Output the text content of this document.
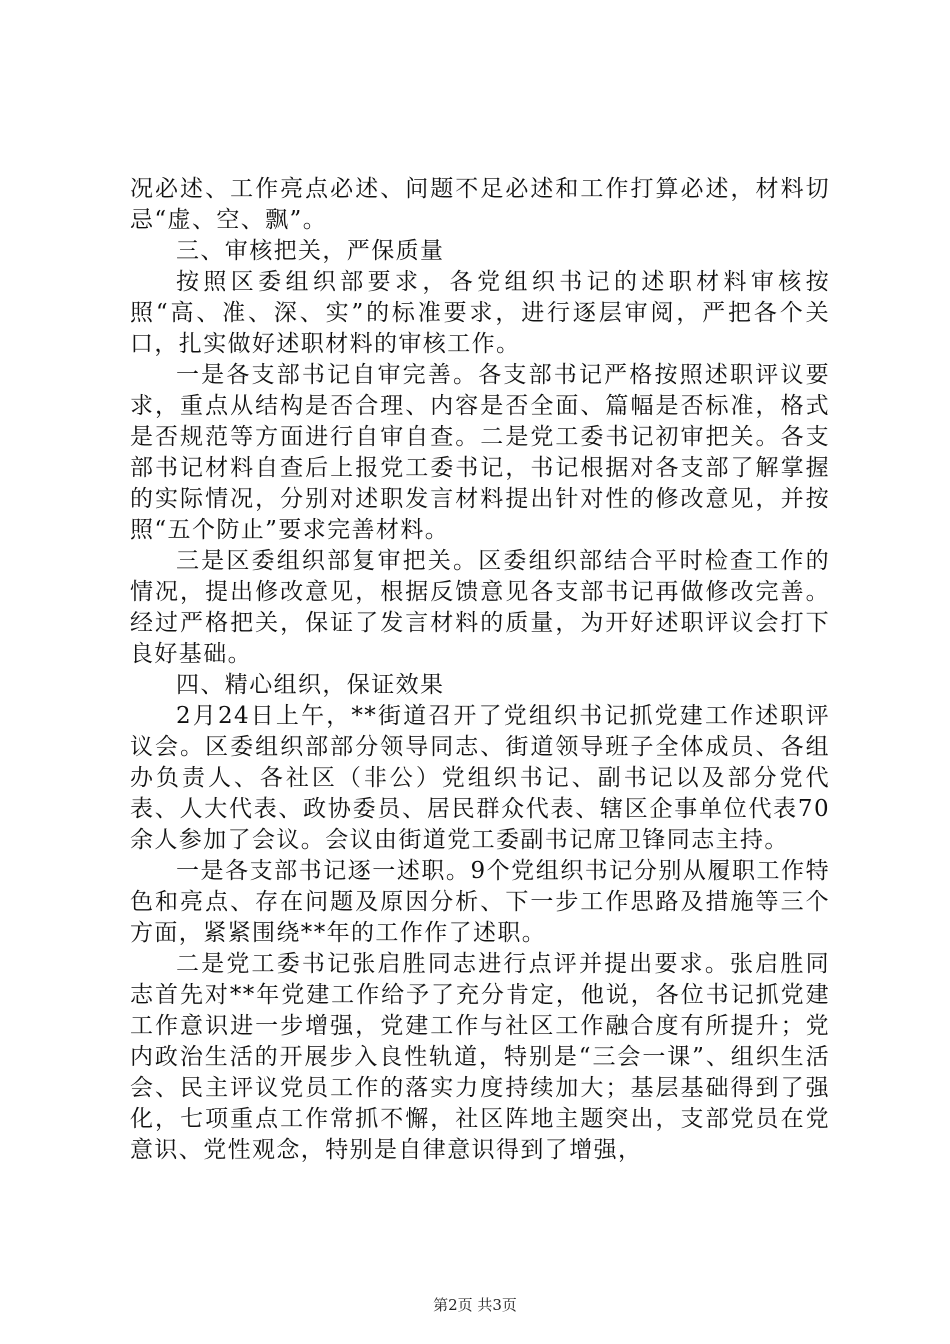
况必述、工作亮点必述、问题不足必述和工作打算必述，材料切忌“虚、空、飘”。

三、审核把关，严保质量

按照区委组织部要求，各党组织书记的述职材料审核按照“高、准、深、实”的标准要求，进行逐层审阅，严把各个关口，扎实做好述职材料的审核工作。

一是各支部书记自审完善。各支部书记严格按照述职评议要求，重点从结构是否合理、内容是否全面、篇幅是否标准，格式是否规范等方面进行自审自查。二是党工委书记初审把关。各支部书记材料自查后上报党工委书记，书记根据对各支部了解掌握的实际情况，分别对述职发言材料提出针对性的修改意见，并按照“五个防止”要求完善材料。

三是区委组织部复审把关。区委组织部结合平时检查工作的情况，提出修改意见，根据反馈意见各支部书记再做修改完善。经过严格把关，保证了发言材料的质量，为开好述职评议会打下良好基础。

四、精心组织，保证效果

2月24日上午，**街道召开了党组织书记抓党建工作述职评议会。区委组织部部分领导同志、街道领导班子全体成员、各组办负责人、各社区（非公）党组织书记、副书记以及部分党代表、人大代表、政协委员、居民群众代表、辖区企事单位代表70余人参加了会议。会议由街道党工委副书记席卫锋同志主持。

一是各支部书记逐一述职。9个党组织书记分别从履职工作特色和亮点、存在问题及原因分析、下一步工作思路及措施等三个方面，紧紧围绕**年的工作作了述职。

二是党工委书记张启胜同志进行点评并提出要求。张启胜同志首先对**年党建工作给予了充分肯定，他说，各位书记抓党建工作意识进一步增强，党建工作与社区工作融合度有所提升；党内政治生活的开展步入良性轨道，特别是“三会一课”、组织生活会、民主评议党员工作的落实力度持续加大；基层基础得到了强化，七项重点工作常抓不懈，社区阵地主题突出，支部党员在党意识、党性观念，特别是自律意识得到了增强，

第2页 共3页
